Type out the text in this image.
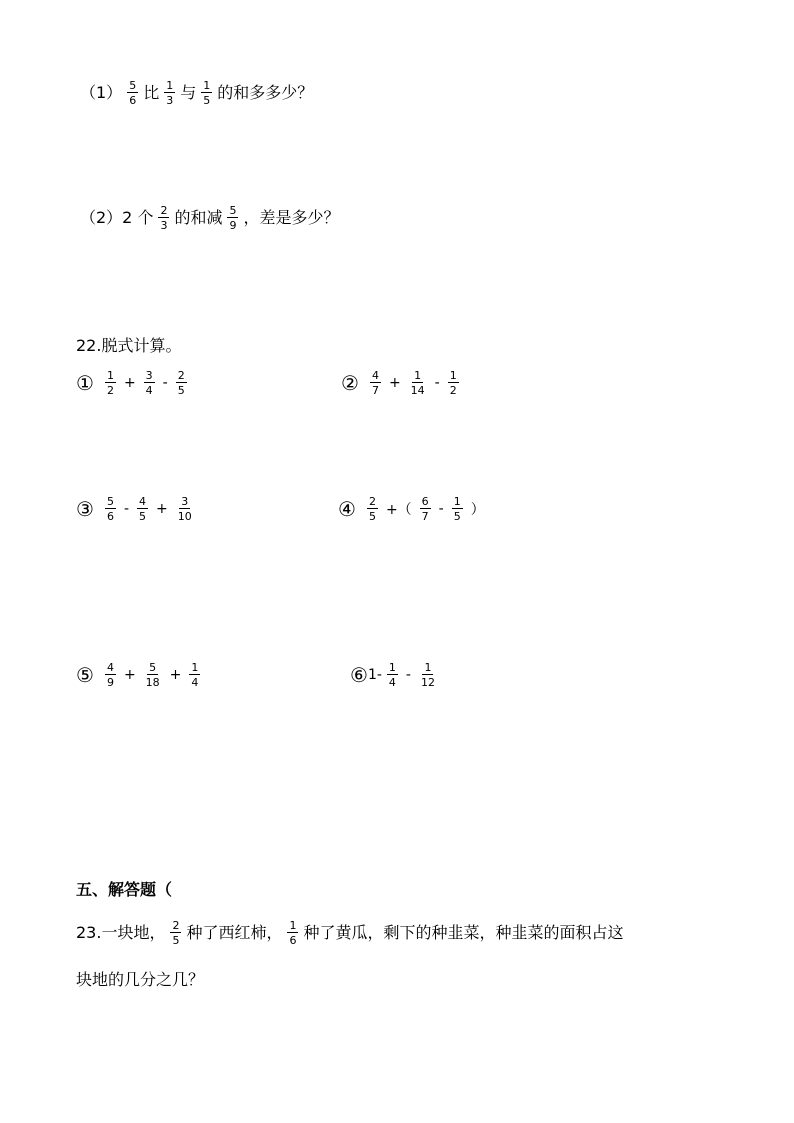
$(1) \frac{5}{6}$ 比 $\frac{1}{3}$ 与 $\frac{1}{5}$ 的和多多少？
（2）2 个 $\frac{2}{3}$ 的和减 $\frac{5}{9}$ ，差是多少？
22.脱式计算。
① $\frac{1}{2} + \frac{3}{4} - \frac{2}{5}$	② $\frac{4}{7} + \frac{1}{14} - \frac{1}{2}$
③ $\frac{5}{6} - \frac{4}{5} + \frac{3}{10}$	④ $\frac{2}{5}$ +（ $\frac{6}{7} - \frac{1}{5}$ ）
⑤ $\frac{4}{9} + \frac{5}{18} + \frac{1}{4}$	⑥ $1- \frac{1}{4} - \frac{1}{12}$
五、解答题（
23.一块地， $\frac{2}{5}$ 种了西红柿， $\frac{1}{6}$ 种了黄瓜，剩下的种韭菜，种韭菜的面积占这
块地的几分之几？
